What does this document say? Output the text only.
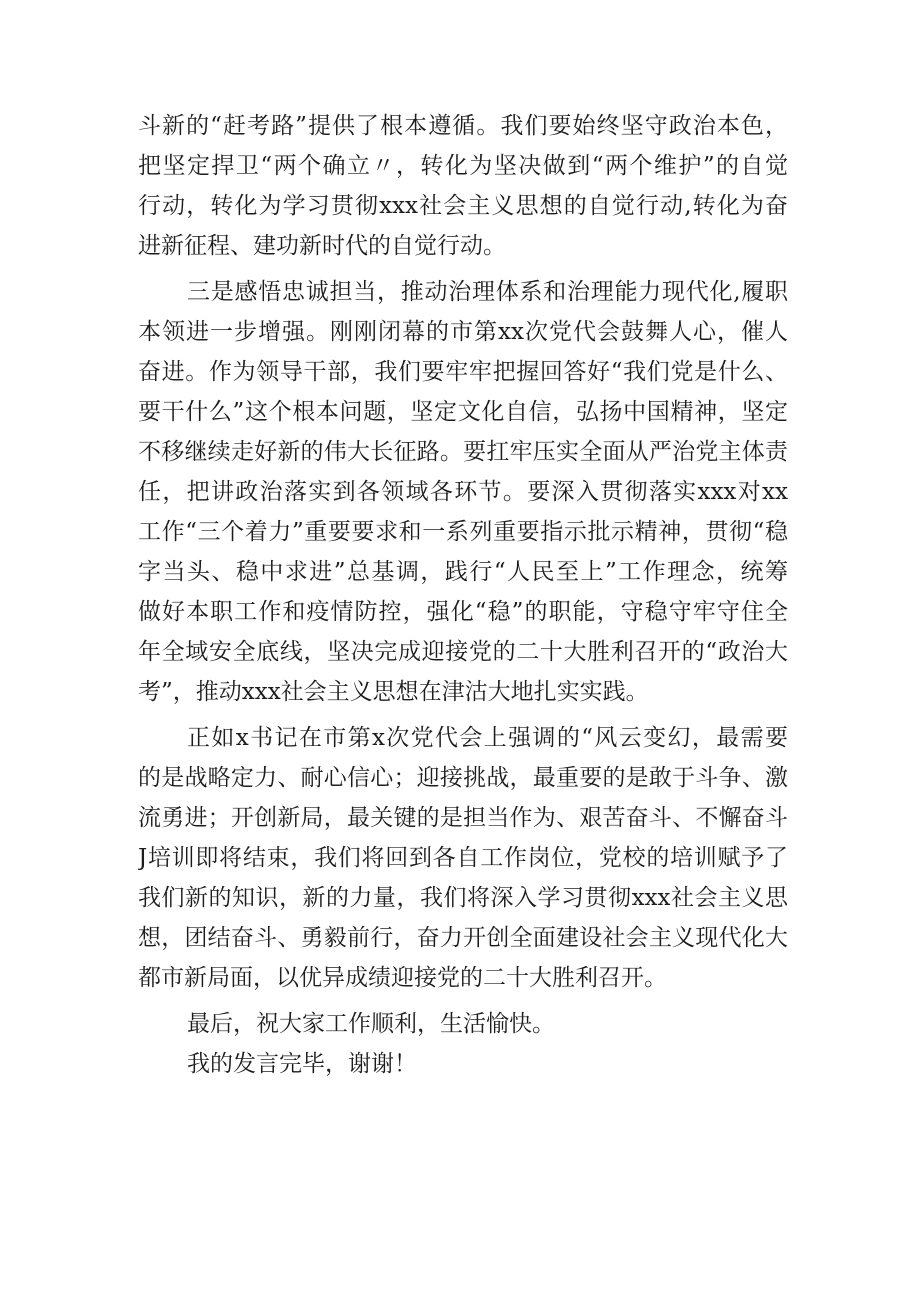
斗新的“赶考路”提供了根本遵循。我们要始终坚守政治本色，
把坚定捍卫“两个确立〃，转化为坚决做到“两个维护”的自觉
行动，转化为学习贯彻xxx社会主义思想的自觉行动,转化为奋
进新征程、建功新时代的自觉行动。
三是感悟忠诚担当，推动治理体系和治理能力现代化,履职
本领进一步增强。刚刚闭幕的市第xx次党代会鼓舞人心，催人
奋进。作为领导干部，我们要牢牢把握回答好“我们党是什么、
要干什么”这个根本问题，坚定文化自信，弘扬中国精神，坚定
不移继续走好新的伟大长征路。要扛牢压实全面从严治党主体责
任，把讲政治落实到各领域各环节。要深入贯彻落实xxx对xx
工作“三个着力”重要要求和一系列重要指示批示精神，贯彻“稳
字当头、稳中求进”总基调，践行“人民至上”工作理念，统筹
做好本职工作和疫情防控，强化“稳”的职能，守稳守牢守住全
年全域安全底线，坚决完成迎接党的二十大胜利召开的“政治大
考”，推动xxx社会主义思想在津沽大地扎实实践。
正如x书记在市第x次党代会上强调的“风云变幻，最需要
的是战略定力、耐心信心；迎接挑战，最重要的是敢于斗争、激
流勇进；开创新局，最关键的是担当作为、艰苦奋斗、不懈奋斗
J培训即将结束，我们将回到各自工作岗位，党校的培训赋予了
我们新的知识，新的力量，我们将深入学习贯彻xxx社会主义思
想，团结奋斗、勇毅前行，奋力开创全面建设社会主义现代化大
都市新局面，以优异成绩迎接党的二十大胜利召开。
最后，祝大家工作顺利，生活愉快。
我的发言完毕，谢谢！
